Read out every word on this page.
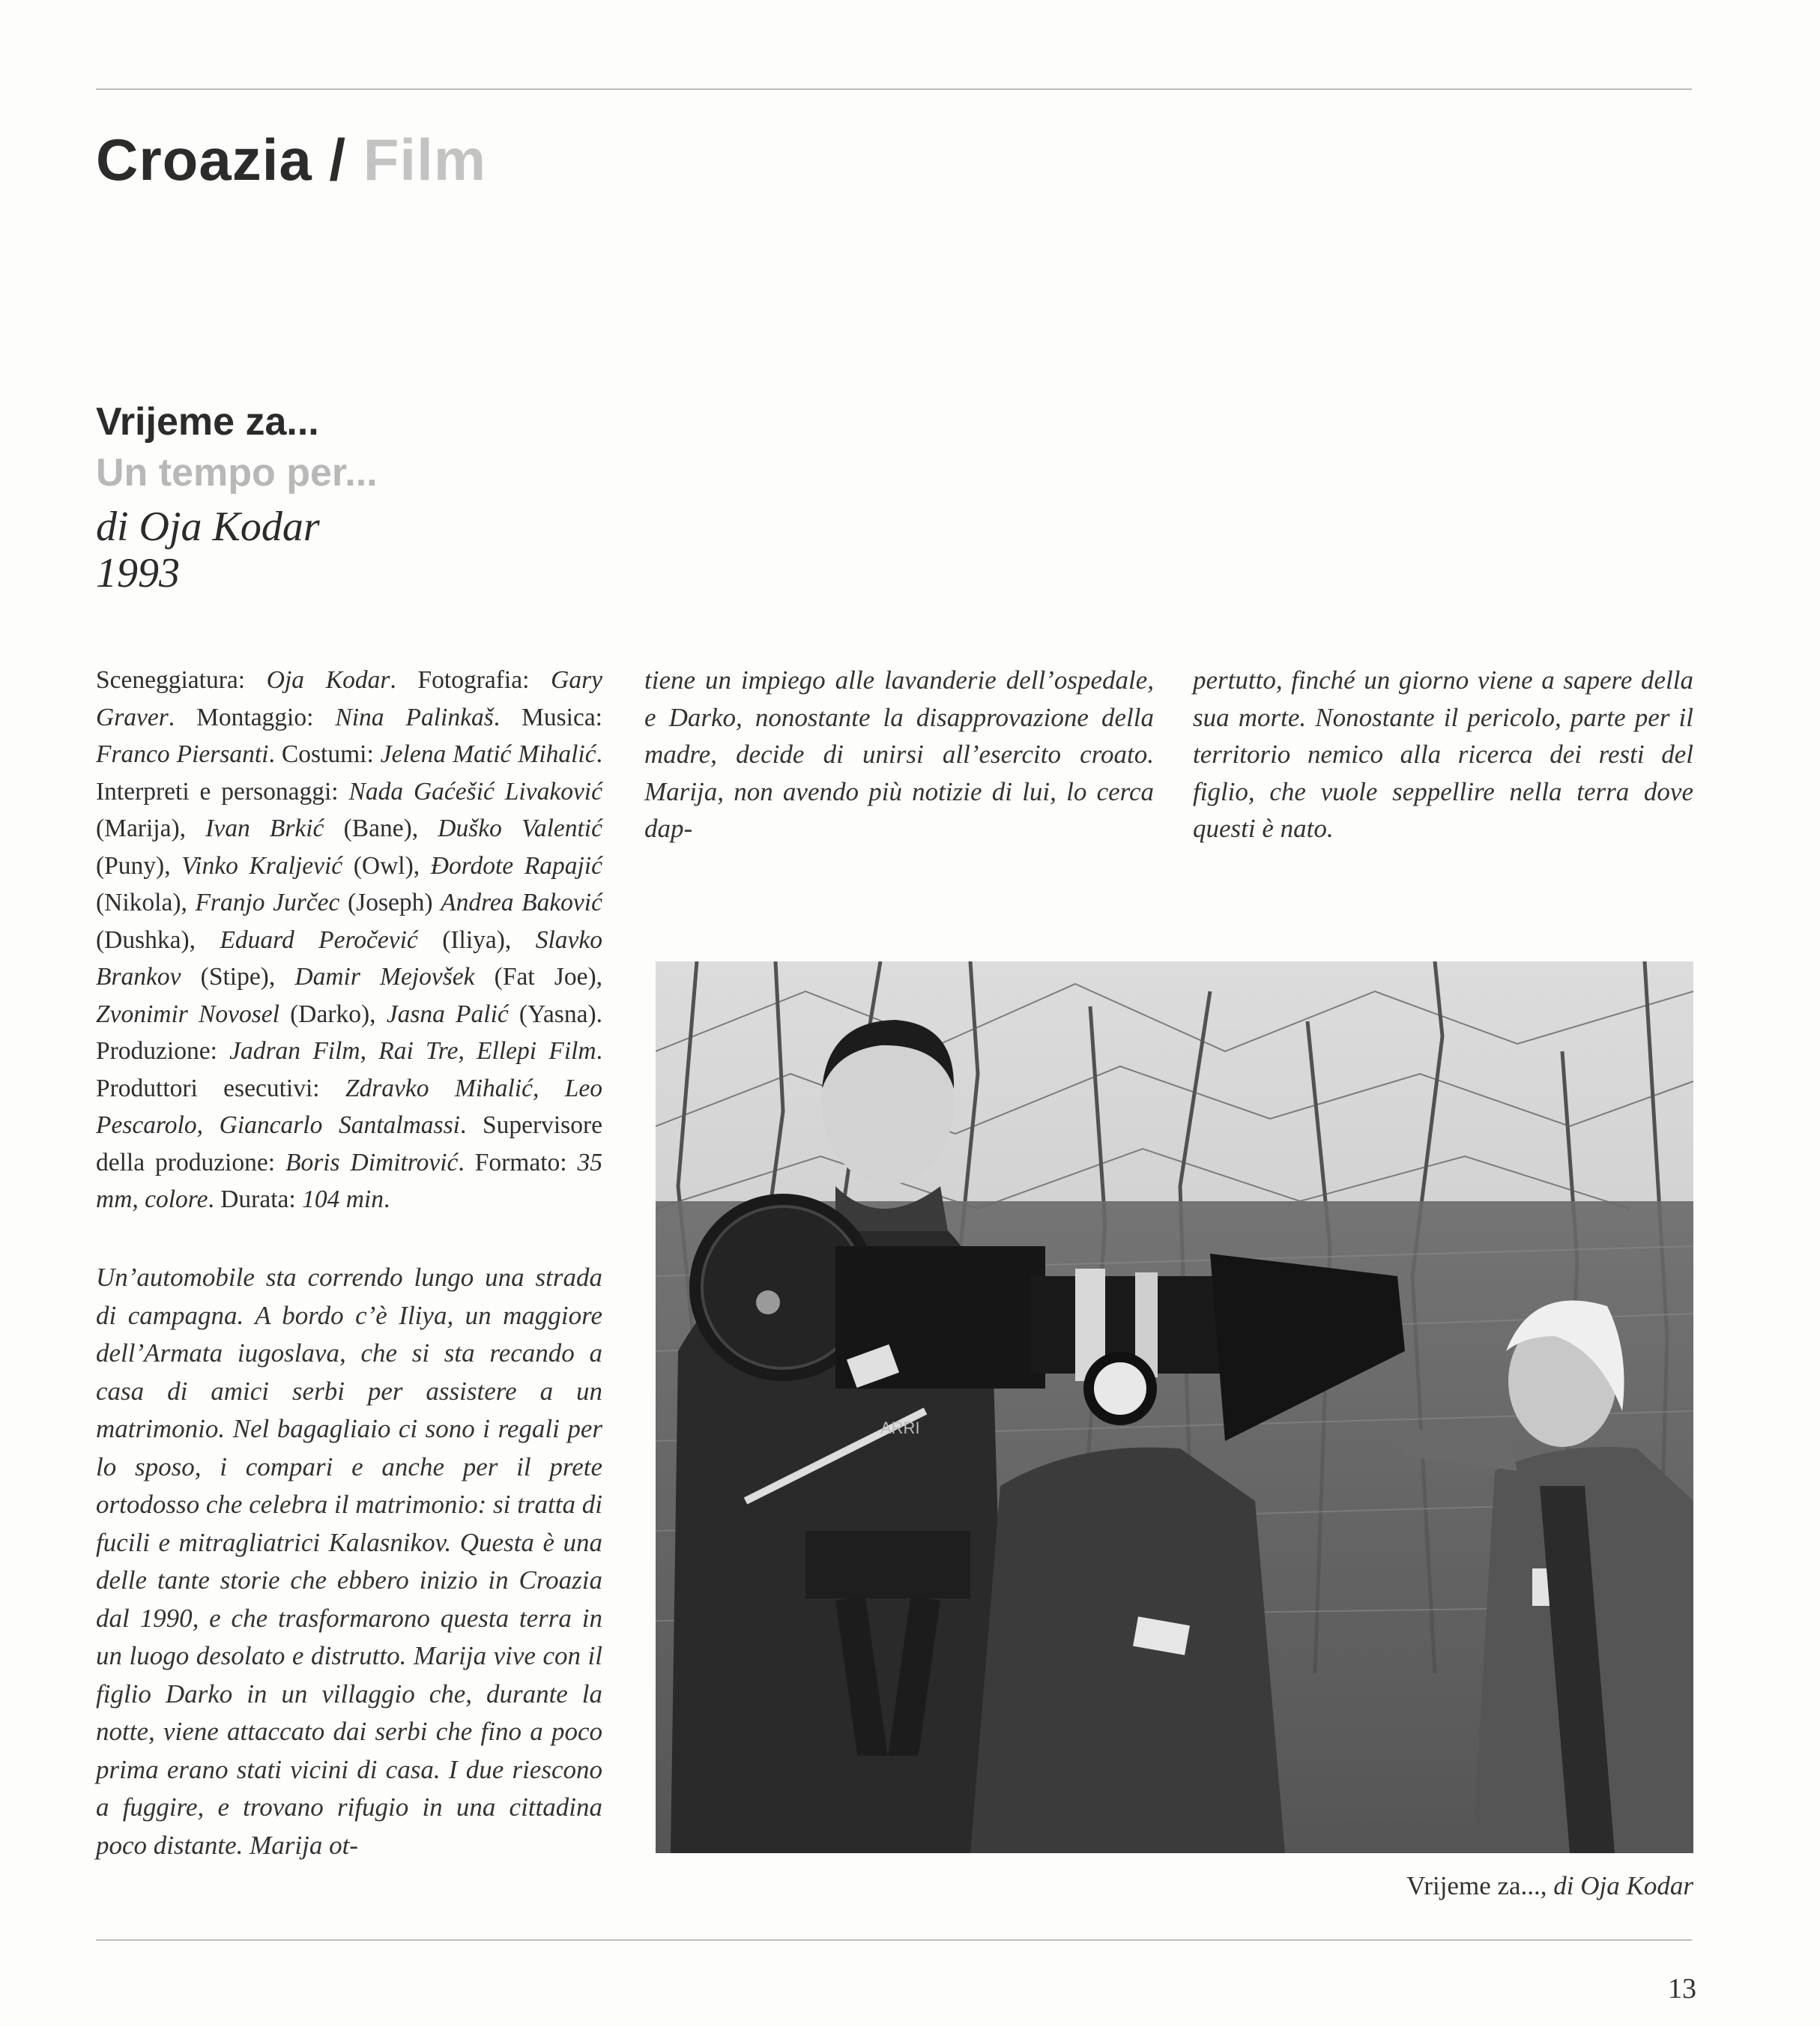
Croazia / Film
Vrijeme za...
Un tempo per...
di Oja Kodar
1993
Sceneggiatura: Oja Kodar. Fotografia: Gary Graver. Montaggio: Nina Palinkaš. Musica: Franco Piersanti. Costumi: Jelena Matić Mihalić. Interpreti e personaggi: Nada Gaćešić Livaković (Marija), Ivan Brkić (Bane), Duško Valentić (Puny), Vinko Kraljević (Owl), Đordote Rapajić (Nikola), Franjo Jurčec (Joseph) Andrea Baković (Dushka), Eduard Peročević (Iliya), Slavko Brankov (Stipe), Damir Mejovšek (Fat Joe), Zvonimir Novosel (Darko), Jasna Palić (Yasna). Produzione: Jadran Film, Rai Tre, Ellepi Film. Produttori esecutivi: Zdravko Mihalić, Leo Pescarolo, Giancarlo Santalmassi. Supervisore della produzione: Boris Dimitrović. Formato: 35 mm, colore. Durata: 104 min.
Un’automobile sta correndo lungo una strada di campagna. A bordo c’è Iliya, un maggiore dell’Armata iugoslava, che si sta recando a casa di amici serbi per assistere a un matrimonio. Nel bagagliaio ci sono i regali per lo sposo, i compari e anche per il prete ortodosso che celebra il matrimonio: si tratta di fucili e mitragliatrici Kalasnikov. Questa è una delle tante storie che ebbero inizio in Croazia dal 1990, e che trasformarono questa terra in un luogo desolato e distrutto. Marija vive con il figlio Darko in un villaggio che, durante la notte, viene attaccato dai serbi che fino a poco prima erano stati vicini di casa. I due riescono a fuggire, e trovano rifugio in una cittadina poco distante. Marija ot-
tiene un impiego alle lavanderie dell’ospedale, e Darko, nonostante la disapprovazione della madre, decide di unirsi all’esercito croato. Marija, non avendo più notizie di lui, lo cerca dap-
pertutto, finché un giorno viene a sapere della sua morte. Nonostante il pericolo, parte per il territorio nemico alla ricerca dei resti del figlio, che vuole seppellire nella terra dove questi è nato.
ARRI
Vrijeme za..., di Oja Kodar
13
